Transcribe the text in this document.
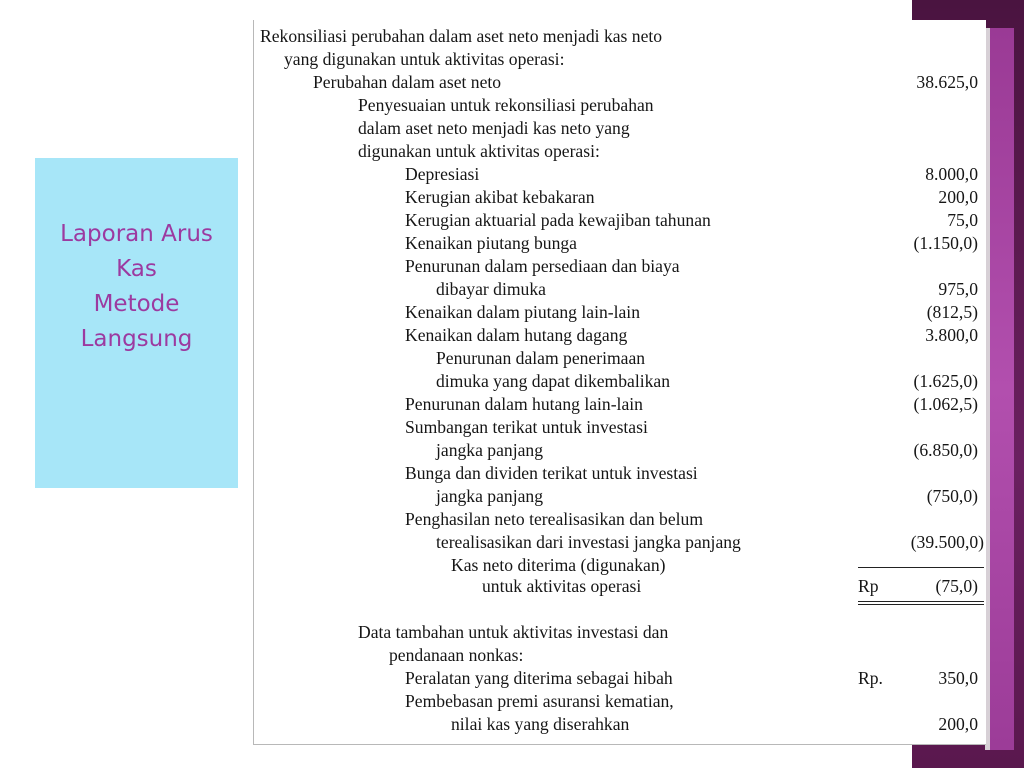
Laporan Arus
Kas
Metode
Langsung
Rekonsiliasi perubahan dalam aset neto menjadi kas neto
yang digunakan untuk aktivitas operasi:
Perubahan dalam aset neto	38.625,0
Penyesuaian untuk rekonsiliasi perubahan
dalam aset neto menjadi kas neto yang
digunakan untuk aktivitas operasi:
Depresiasi	8.000,0
Kerugian akibat kebakaran	200,0
Kerugian aktuarial pada kewajiban tahunan	75,0
Kenaikan piutang bunga	(1.150,0)
Penurunan dalam persediaan dan biaya
dibayar dimuka	975,0
Kenaikan dalam piutang lain-lain	(812,5)
Kenaikan dalam hutang dagang	3.800,0
Penurunan dalam penerimaan
dimuka yang dapat dikembalikan	(1.625,0)
Penurunan dalam hutang lain-lain	(1.062,5)
Sumbangan terikat untuk investasi
jangka panjang	(6.850,0)
Bunga dan dividen terikat untuk investasi
jangka panjang	(750,0)
Penghasilan neto terealisasikan dan belum
terealisasikan dari investasi jangka panjang	(39.500,0)
Kas neto diterima (digunakan)
untuk aktivitas operasi	Rp	(75,0)
Data tambahan untuk aktivitas investasi dan
pendanaan nonkas:
Peralatan yang diterima sebagai hibah	Rp.	350,0
Pembebasan premi asuransi kematian,
nilai kas yang diserahkan	200,0
